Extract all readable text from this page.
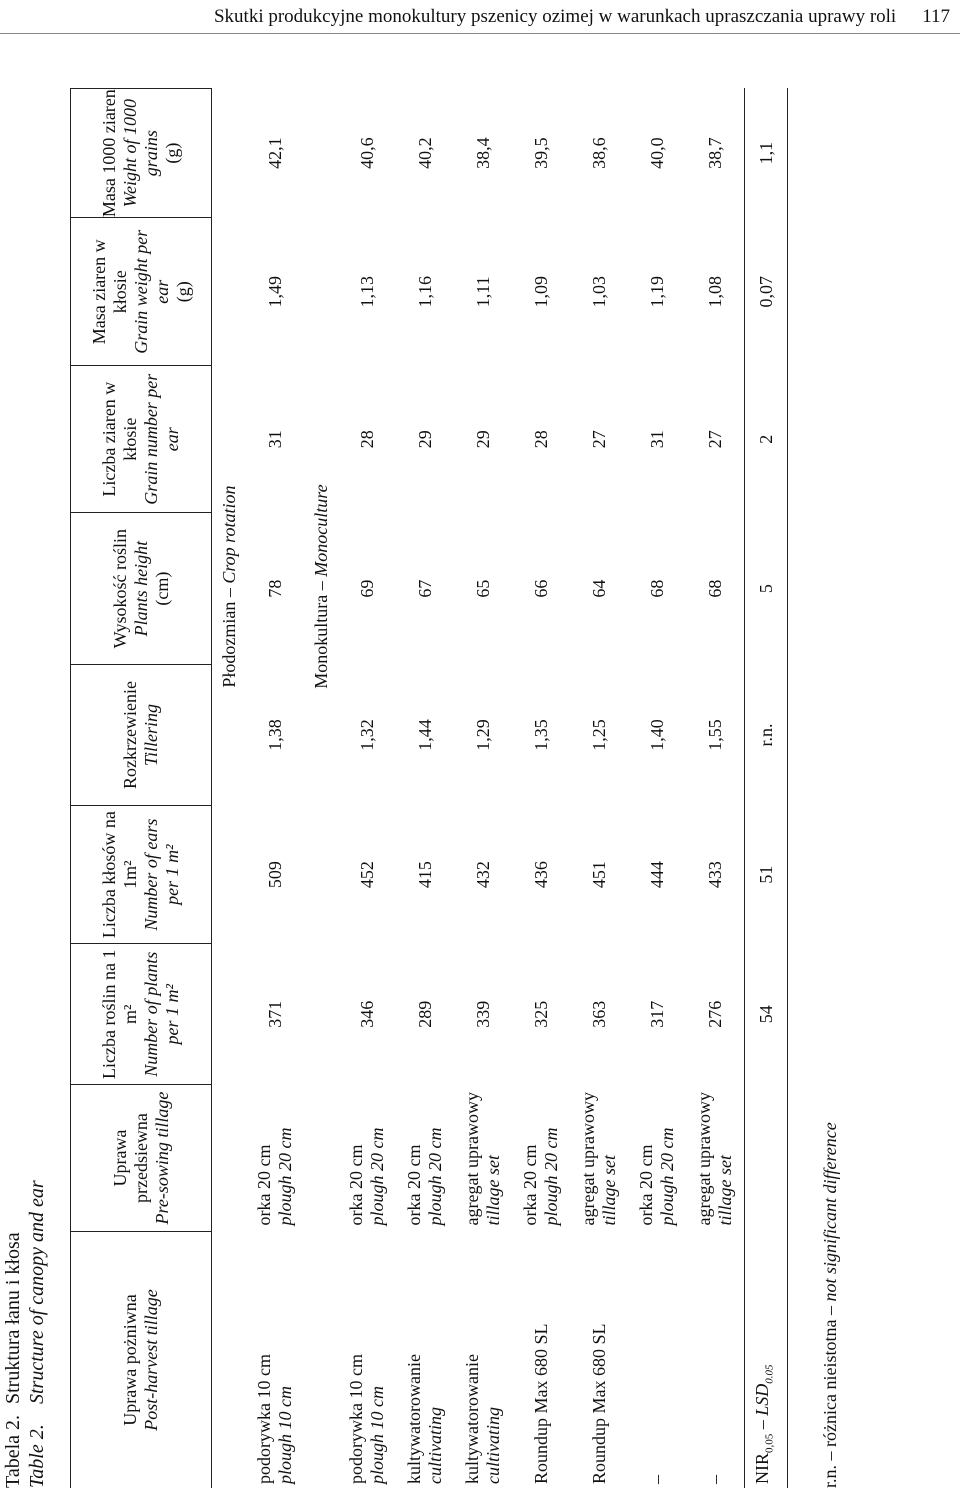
Skutki produkcyjne monokultury pszenicy ozimej w warunkach upraszczania uprawy roli 117
Tabela 2.Struktura łanu i kłosa
Table 2.Structure of canopy and ear	Uprawa pożniwna
Post-harvest tillage	Uprawa przedsiewna
Pre-sowing tillage	Liczba roślin na 1 m²
Number of plants per 1 m²	Liczba kłosów na 1m²
Number of ears per 1 m²	Rozkrzewienie
Tillering	Wysokość roślin
Plants height
(cm)	Liczba ziaren w kłosie
Grain number per ear	Masa ziaren w kłosie
Grain weight per ear
(g)	Masa 1000 ziaren
Weight of 1000 grains
(g)
		Płodozmian – Crop rotation						
podorywka 10 cm
plough 10 cm	orka 20 cm
plough 20 cm	371	509	1,38	78	31	1,49	42,1
		Monokultura – Monoculture						
podorywka 10 cm
plough 10 cm	orka 20 cm
plough 20 cm	346	452	1,32	69	28	1,13	40,6
kultywatorowanie
cultivating	orka 20 cm
plough 20 cm	289	415	1,44	67	29	1,16	40,2
kultywatorowanie
cultivating	agregat uprawowy
tillage set	339	432	1,29	65	29	1,11	38,4
Roundup Max 680 SL	orka 20 cm
plough 20 cm	325	436	1,35	66	28	1,09	39,5
Roundup Max 680 SL	agregat uprawowy
tillage set	363	451	1,25	64	27	1,03	38,6
–	orka 20 cm
plough 20 cm	317	444	1,40	68	31	1,19	40,0
–	agregat uprawowy
tillage set	276	433	1,55	68	27	1,08	38,7
$NIR_{0,05} - LSD_{0.05}$		54	51	r.n.	5	2	0,07	1,1
r.n. – różnica nieistotna – not significant difference
